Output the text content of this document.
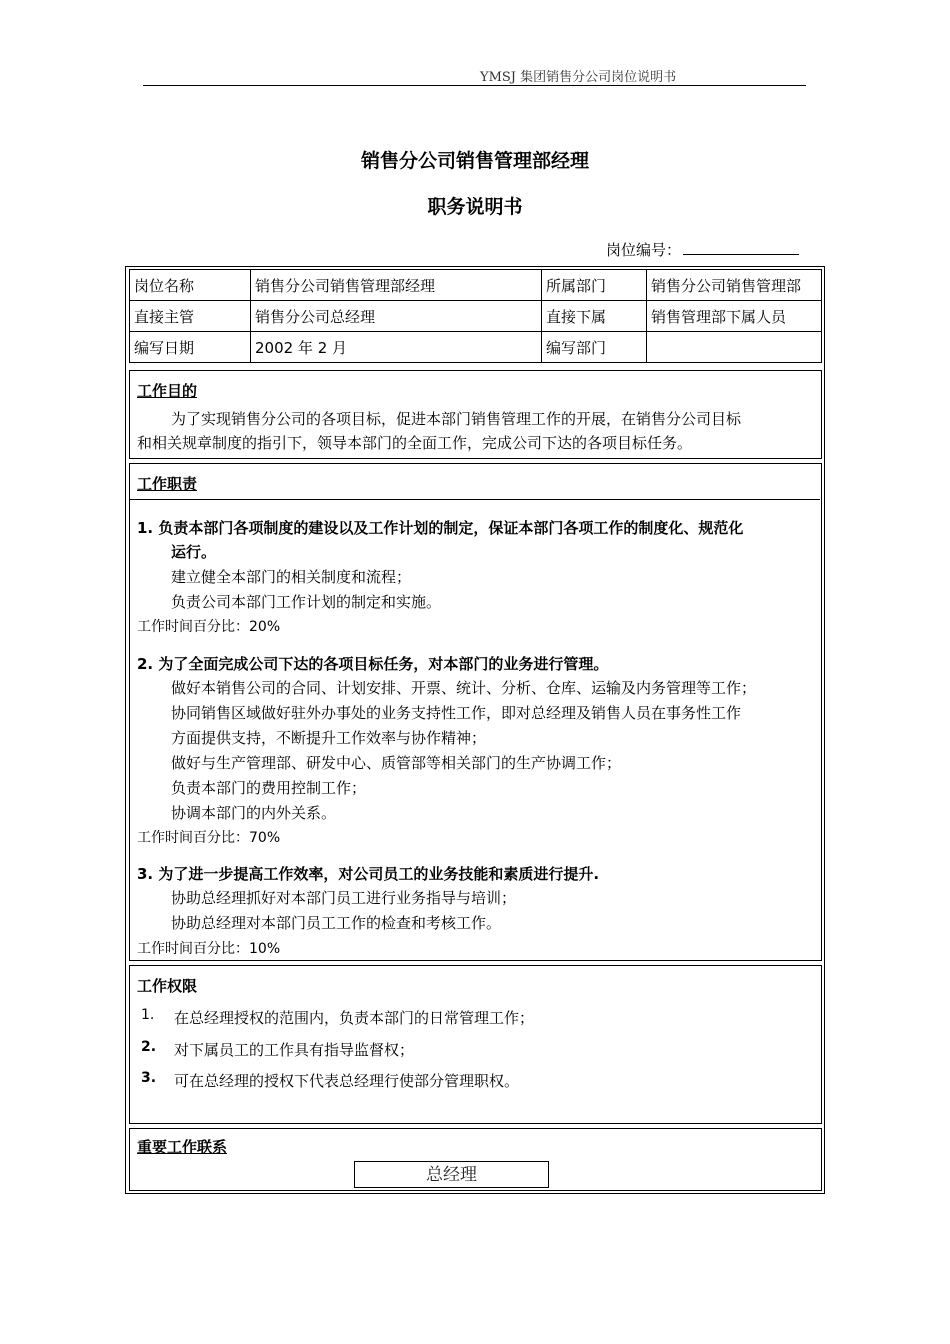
YMSJ 集团销售分公司岗位说明书
销售分公司销售管理部经理
职务说明书
岗位编号：
岗位名称	销售分公司销售管理部经理	所属部门	销售分公司销售管理部
直接主管	销售分公司总经理	直接下属	销售管理部下属人员
编写日期	2002 年 2 月	编写部门	
工作目的
为了实现销售分公司的各项目标，促进本部门销售管理工作的开展，在销售分公司目标
和相关规章制度的指引下，领导本部门的全面工作，完成公司下达的各项目标任务。
工作职责
1. 负责本部门各项制度的建设以及工作计划的制定，保证本部门各项工作的制度化、规范化
运行。
建立健全本部门的相关制度和流程；
负责公司本部门工作计划的制定和实施。
工作时间百分比：20%
2. 为了全面完成公司下达的各项目标任务，对本部门的业务进行管理。
做好本销售公司的合同、计划安排、开票、统计、分析、仓库、运输及内务管理等工作；
协同销售区域做好驻外办事处的业务支持性工作，即对总经理及销售人员在事务性工作
方面提供支持，不断提升工作效率与协作精神；
做好与生产管理部、研发中心、质管部等相关部门的生产协调工作；
负责本部门的费用控制工作；
协调本部门的内外关系。
工作时间百分比：70%
3. 为了进一步提高工作效率，对公司员工的业务技能和素质进行提升.
协助总经理抓好对本部门员工进行业务指导与培训；
协助总经理对本部门员工工作的检查和考核工作。
工作时间百分比：10%
工作权限
1. 在总经理授权的范围内，负责本部门的日常管理工作；
2. 对下属员工的工作具有指导监督权；
3. 可在总经理的授权下代表总经理行使部分管理职权。
重要工作联系
总经理
